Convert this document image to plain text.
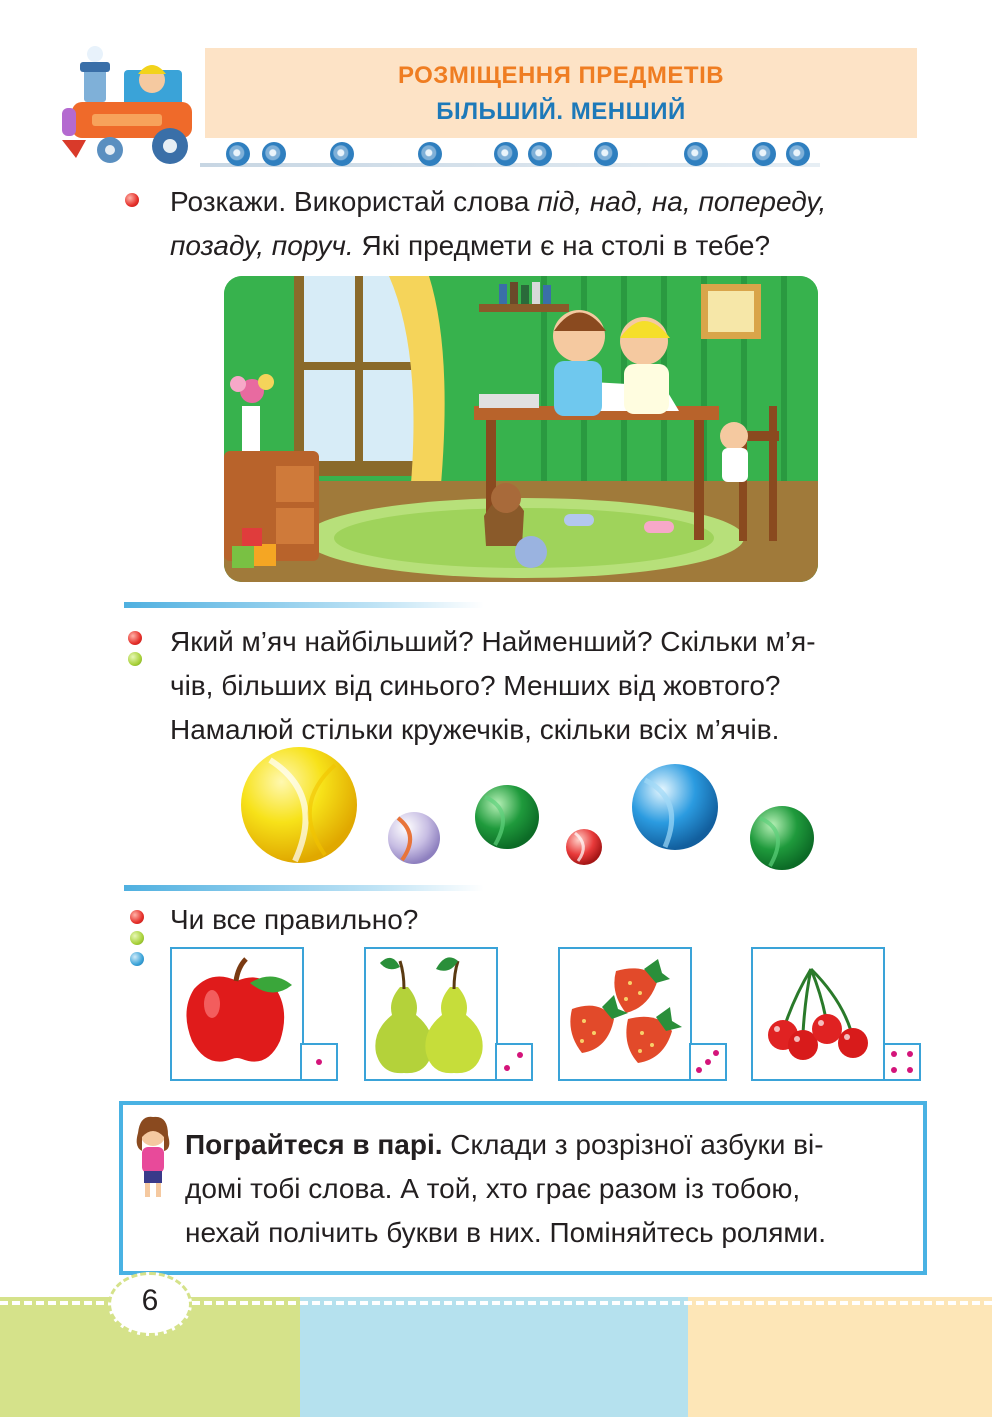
РОЗМІЩЕННЯ ПРЕДМЕТІВ
БІЛЬШИЙ. МЕНШИЙ
Розкажи. Використай слова під, над, на, попереду,
позаду, поруч. Які предмети є на столі в тебе?
Який м’яч найбільший? Найменший? Скільки м’я-
чів, більших від синього? Менших від жовтого?
Намалюй стільки кружечків, скільки всіх м’ячів.
Чи все правильно?
Пограйтеся в парі. Склади з розрізної азбуки ві-
домі тобі слова. А той, хто грає разом із тобою,
нехай полічить букви в них. Поміняйтесь ролями.
6
